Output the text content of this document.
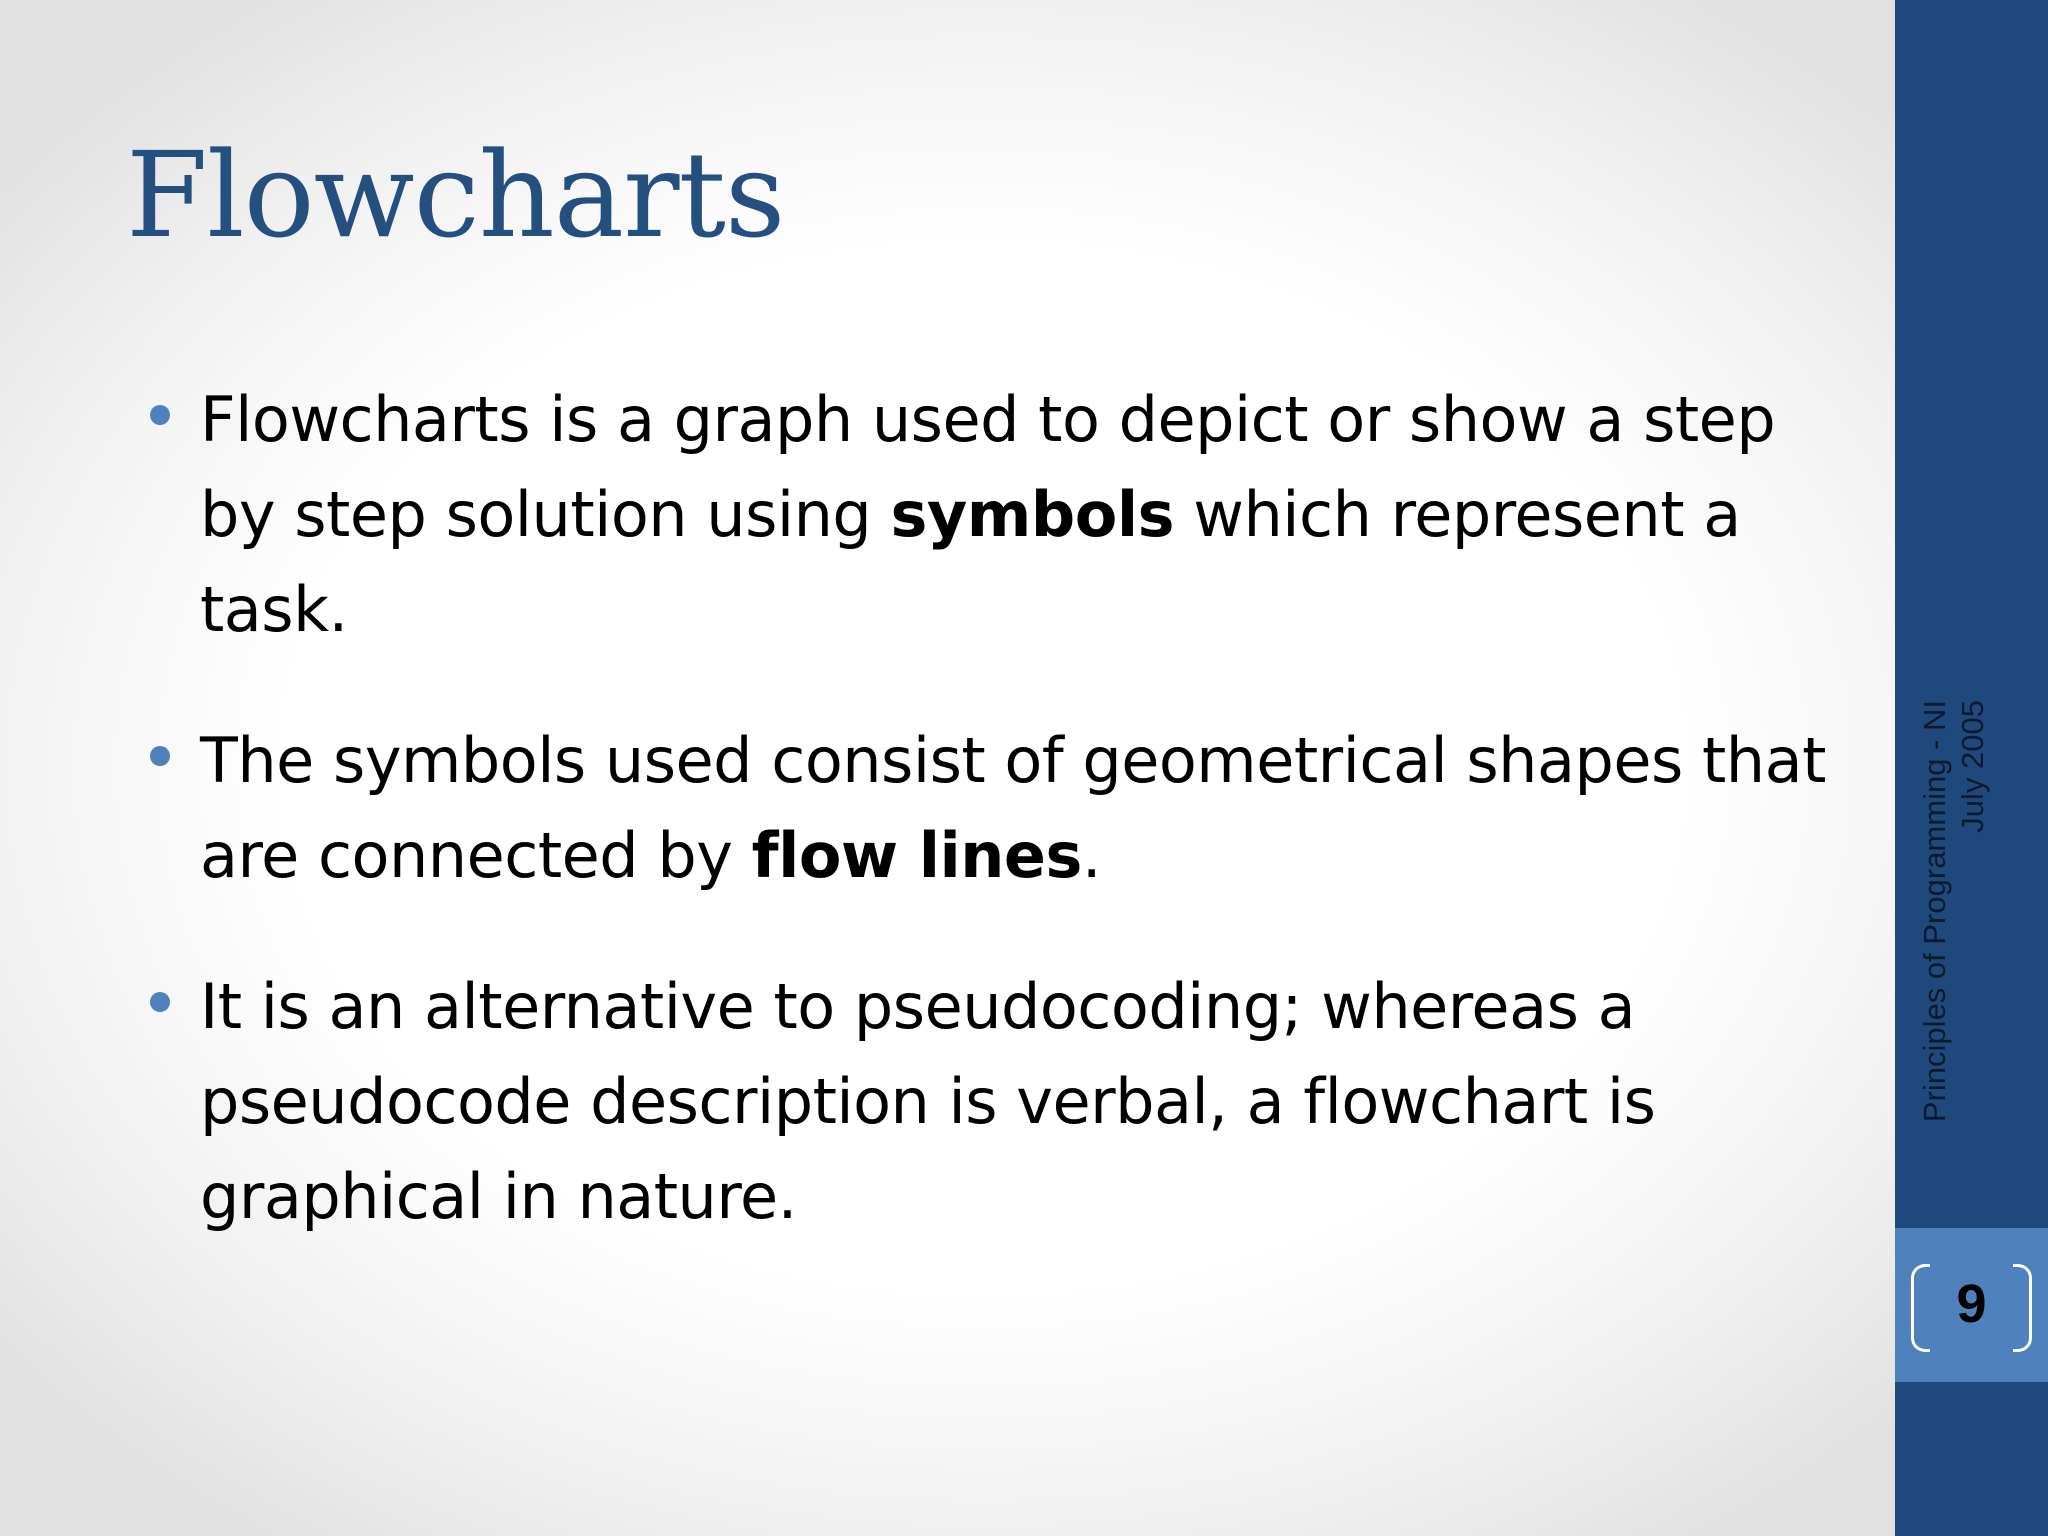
Flowcharts
Flowcharts is a graph used to depict or show a step by step solution using symbols which represent a task.
The symbols used consist of geometrical shapes that are connected by flow lines.
It is an alternative to pseudocoding; whereas a pseudocode description is verbal, a flowchart is graphical in nature.
Principles of Programming - NI July 2005
9
